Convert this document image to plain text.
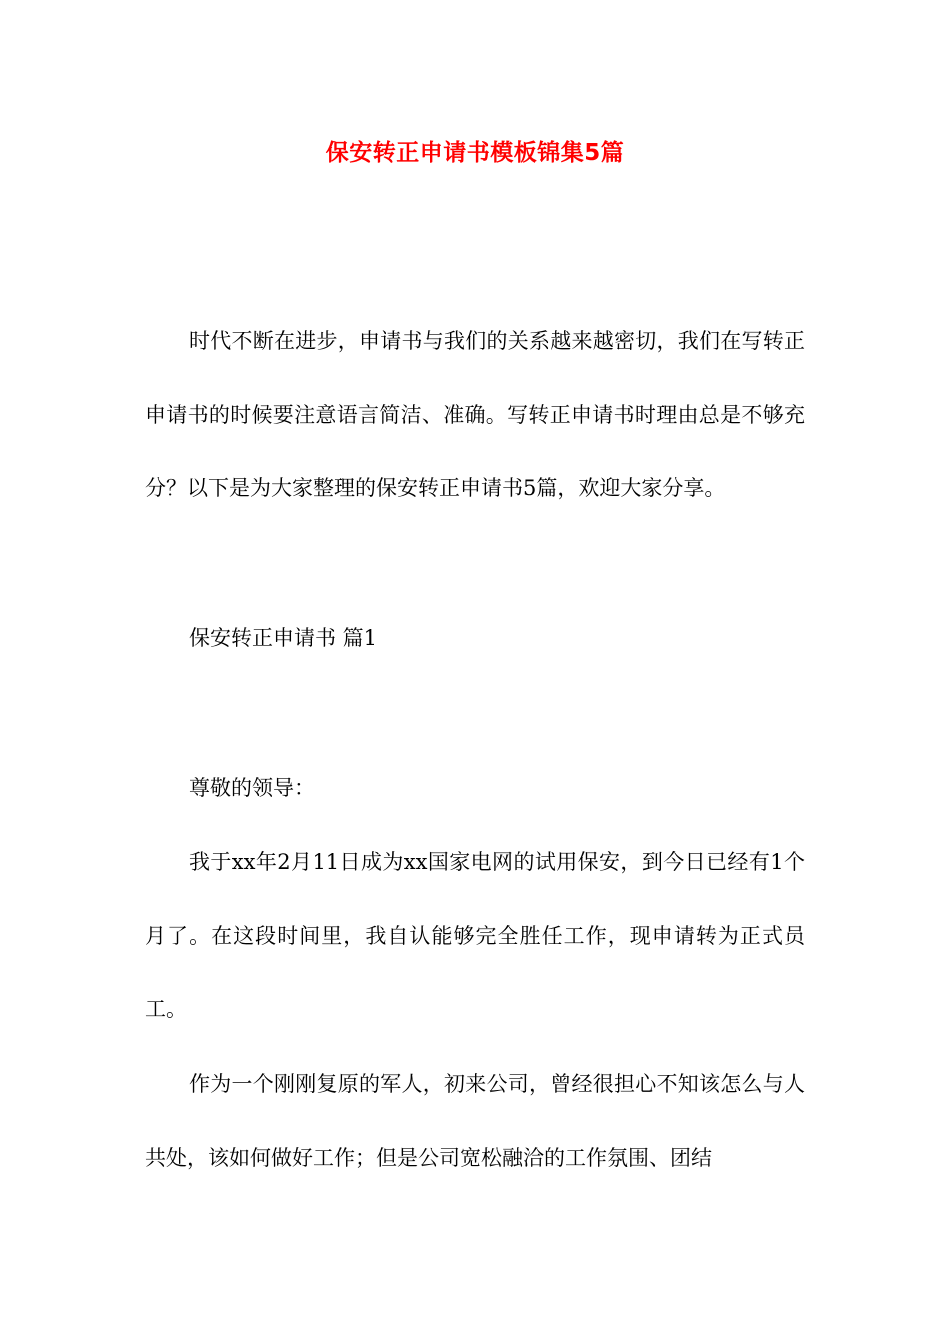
保安转正申请书模板锦集5篇

时代不断在进步，申请书与我们的关系越来越密切，我们在写转正申请书的时候要注意语言简洁、准确。写转正申请书时理由总是不够充分？以下是为大家整理的保安转正申请书5篇，欢迎大家分享。

保安转正申请书 篇1

尊敬的领导：

我于xx年2月11日成为xx国家电网的试用保安，到今日已经有1个月了。在这段时间里，我自认能够完全胜任工作，现申请转为正式员工。

作为一个刚刚复原的军人，初来公司，曾经很担心不知该怎么与人共处，该如何做好工作；但是公司宽松融洽的工作氛围、团结
